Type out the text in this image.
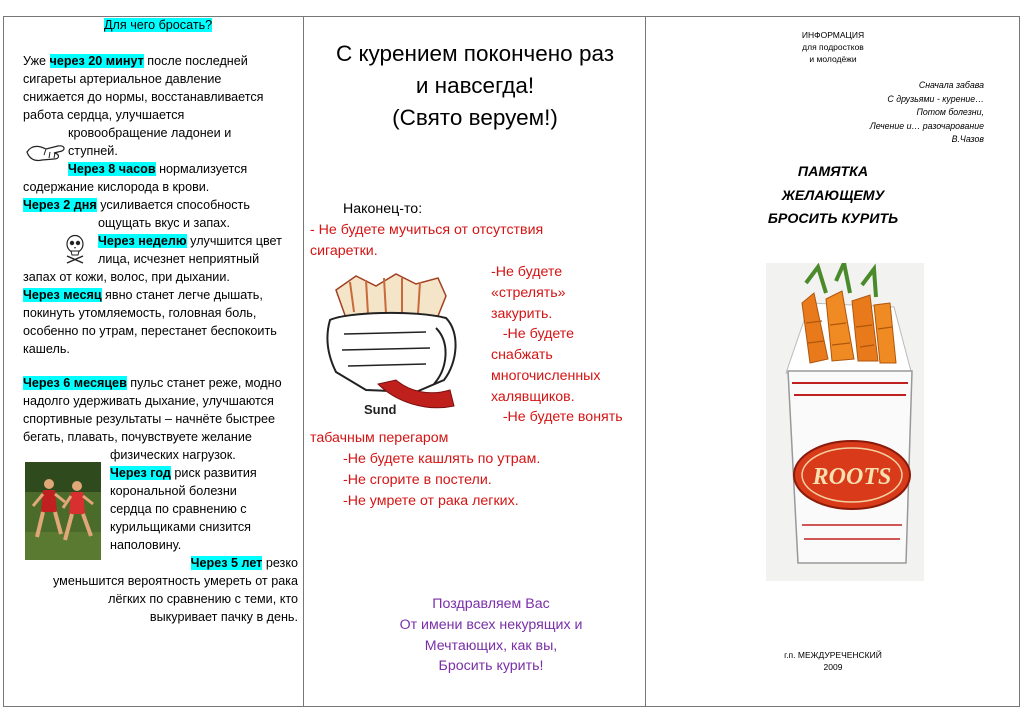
Для чего бросать?
Уже через 20 минут после последней
сигареты артериальное давление
снижается до нормы, восстанавливается
работа сердца, улучшается
кровообращение ладонеи и
ступней.
Через 8 часов нормализуется
содержание кислорода в крови.
Через 2 дня усиливается способность
ощущать вкус и запах.
Через неделю улучшится цвет
лица, исчезнет неприятный
запах от кожи, волос, при дыхании.
Через месяц явно станет легче дышать,
покинуть утомляемость, головная боль,
особенно по утрам, перестанет беспокоить
кашель.
Через 6 месяцев пульс станет реже, модно
надолго удерживать дыхание, улучшаются
спортивные результаты – начнёте быстрее
бегать, плавать, почувствуете желание
физических нагрузок.
Через год риск развития
корональной болезни
сердца по сравнению с
курильщиками снизится
наполовину.
Через 5 лет резко
уменьшится вероятность умереть от рака
лёгких по сравнению с теми, кто
выкуривает пачку в день.
С курением покончено раз
и навсегда!
(Свято веруем!)
Наконец-то:
- Не будете мучиться от отсутствия
сигаретки.
-Не будете
«стрелять»
закурить.
-Не будете
снабжать
многочисленных
халявщиков.
-Не будете вонять
табачным перегаром
-Не будете кашлять по утрам.
-Не сгорите в постели.
-Не умрете от рака легких.
Sund
Поздравляем Вас
От имени всех некурящих и
Мечтающих, как вы,
Бросить курить!
ИНФОРМАЦИЯ
для подростков
и молодёжи
Сначала забава
С друзьями - курение…
Потом болезни,
Лечение и… разочарование
В.Чазов
ПАМЯТКА
ЖЕЛАЮЩЕМУ
БРОСИТЬ КУРИТЬ
ROOTS
г.п. МЕЖДУРЕЧЕНСКИЙ
2009
